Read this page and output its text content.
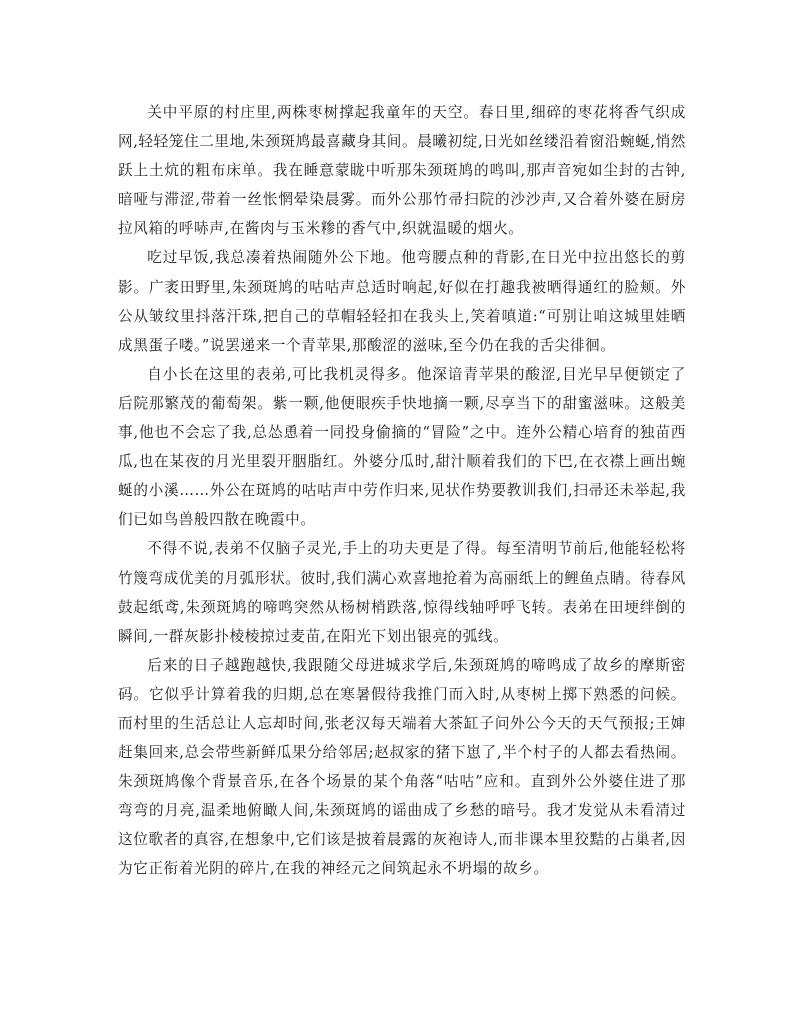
关中平原的村庄里,两株枣树撑起我童年的天空。春日里,细碎的枣花将香气织成网,轻轻笼住二里地,朱颈斑鸠最喜藏身其间。晨曦初绽,日光如丝缕沿着窗沿蜿蜒,悄然跃上土炕的粗布床单。我在睡意蒙眬中听那朱颈斑鸠的鸣叫,那声音宛如尘封的古钟,暗哑与滞涩,带着一丝怅惘晕染晨雾。而外公那竹帚扫院的沙沙声,又合着外婆在厨房拉风箱的呼哧声,在酱肉与玉米糁的香气中,织就温暖的烟火。

吃过早饭,我总凑着热闹随外公下地。他弯腰点种的背影,在日光中拉出悠长的剪影。广袤田野里,朱颈斑鸠的咕咕声总适时响起,好似在打趣我被晒得通红的脸颊。外公从皱纹里抖落汗珠,把自己的草帽轻轻扣在我头上,笑着嗔道:“可别让咱这城里娃晒成黑蛋子喽。”说罢递来一个青苹果,那酸涩的滋味,至今仍在我的舌尖徘徊。

自小长在这里的表弟,可比我机灵得多。他深谙青苹果的酸涩,目光早早便锁定了后院那繁茂的葡萄架。紫一颗,他便眼疾手快地摘一颗,尽享当下的甜蜜滋味。这般美事,他也不会忘了我,总怂恿着一同投身偷摘的“冒险”之中。连外公精心培育的独苗西瓜,也在某夜的月光里裂开胭脂红。外婆分瓜时,甜汁顺着我们的下巴,在衣襟上画出蜿蜒的小溪……外公在斑鸠的咕咕声中劳作归来,见状作势要教训我们,扫帚还未举起,我们已如鸟兽般四散在晚霞中。

不得不说,表弟不仅脑子灵光,手上的功夫更是了得。每至清明节前后,他能轻松将竹篾弯成优美的月弧形状。彼时,我们满心欢喜地抢着为高丽纸上的鲤鱼点睛。待春风鼓起纸鸢,朱颈斑鸠的啼鸣突然从杨树梢跌落,惊得线轴呼呼飞转。表弟在田埂绊倒的瞬间,一群灰影扑棱棱掠过麦苗,在阳光下划出银亮的弧线。

后来的日子越跑越快,我跟随父母进城求学后,朱颈斑鸠的啼鸣成了故乡的摩斯密码。它似乎计算着我的归期,总在寒暑假待我推门而入时,从枣树上掷下熟悉的问候。而村里的生活总让人忘却时间,张老汉每天端着大茶缸子问外公今天的天气预报;王婶赶集回来,总会带些新鲜瓜果分给邻居;赵叔家的猪下崽了,半个村子的人都去看热闹。朱颈斑鸠像个背景音乐,在各个场景的某个角落“咕咕”应和。直到外公外婆住进了那弯弯的月亮,温柔地俯瞰人间,朱颈斑鸠的谣曲成了乡愁的暗号。我才发觉从未看清过这位歌者的真容,在想象中,它们该是披着晨露的灰袍诗人,而非课本里狡黠的占巢者,因为它正衔着光阴的碎片,在我的神经元之间筑起永不坍塌的故乡。
